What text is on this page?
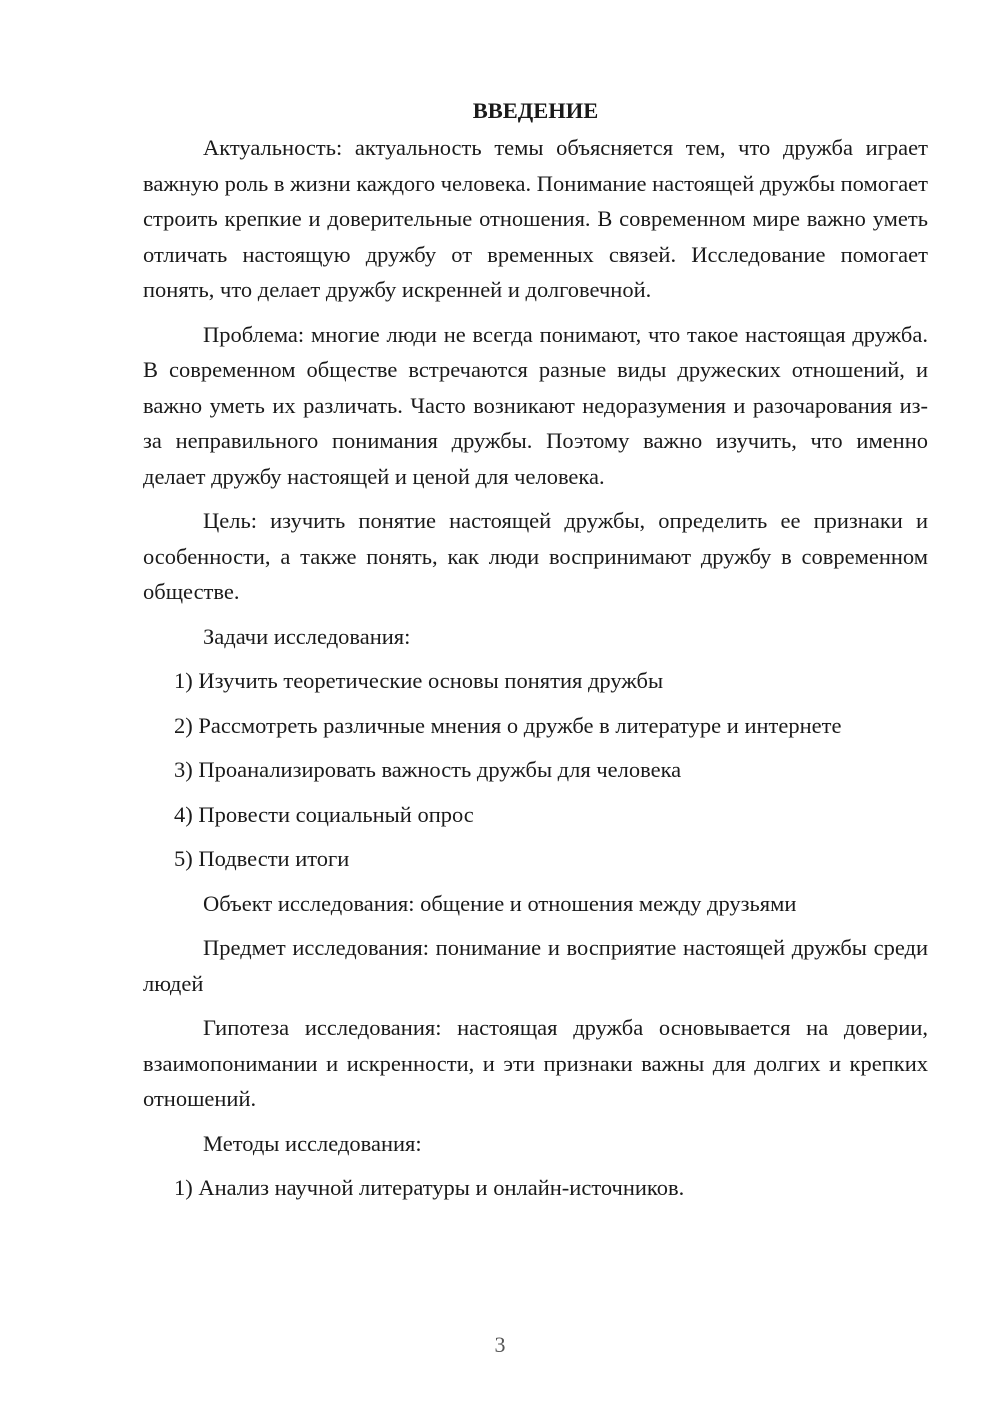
ВВЕДЕНИЕ
Актуальность: актуальность темы объясняется тем, что дружба играет важную роль в жизни каждого человека. Понимание настоящей дружбы помогает строить крепкие и доверительные отношения. В современном мире важно уметь отличать настоящую дружбу от временных связей. Исследование помогает понять, что делает дружбу искренней и долговечной.
Проблема: многие люди не всегда понимают, что такое настоящая дружба. В современном обществе встречаются разные виды дружеских отношений, и важно уметь их различать. Часто возникают недоразумения и разочарования из-за неправильного понимания дружбы. Поэтому важно изучить, что именно делает дружбу настоящей и ценой для человека.
Цель: изучить понятие настоящей дружбы, определить ее признаки и особенности, а также понять, как люди воспринимают дружбу в современном обществе.
Задачи исследования:
1) Изучить теоретические основы понятия дружбы
2) Рассмотреть различные мнения о дружбе в литературе и интернете
3) Проанализировать важность дружбы для человека
4) Провести социальный опрос
5) Подвести итоги
Объект исследования: общение и отношения между друзьями
Предмет исследования: понимание и восприятие настоящей дружбы среди людей
Гипотеза исследования: настоящая дружба основывается на доверии, взаимопонимании и искренности, и эти признаки важны для долгих и крепких отношений.
Методы исследования:
1) Анализ научной литературы и онлайн-источников.
3
